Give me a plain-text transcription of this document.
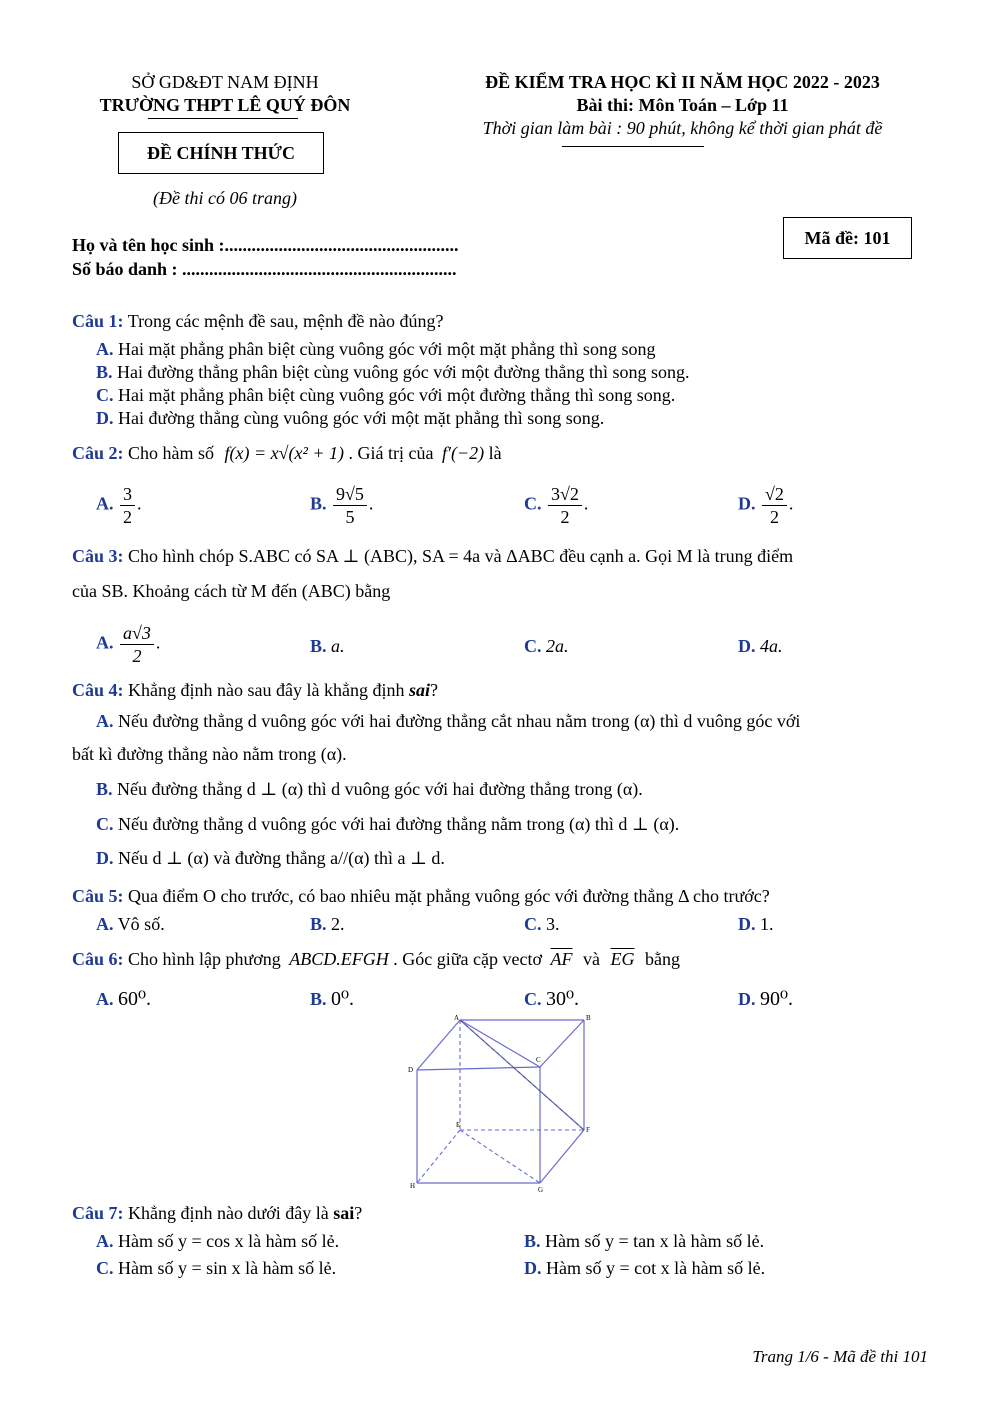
SỞ GD&ĐT NAM ĐỊNH
TRƯỜNG THPT LÊ QUÝ ĐÔN
ĐỀ CHÍNH THỨC
(Đề thi có 06 trang)
ĐỀ KIỂM TRA HỌC KÌ II NĂM HỌC 2022 - 2023
Bài thi: Môn Toán – Lớp 11
Thời gian làm bài : 90 phút, không kể thời gian phát đề
Họ và tên học sinh :....................................................
Số báo danh : .............................................................
Mã đề: 101
Câu 1: Trong các mệnh đề sau, mệnh đề nào đúng?
A. Hai mặt phẳng phân biệt cùng vuông góc với một mặt phẳng thì song song
B. Hai đường thẳng phân biệt cùng vuông góc với một đường thẳng thì song song.
C. Hai mặt phẳng phân biệt cùng vuông góc với một đường thẳng thì song song.
D. Hai đường thẳng cùng vuông góc với một mặt phẳng thì song song.
Câu 2: Cho hàm số f(x) = x√(x² + 1) . Giá trị của f′(−2) là
A. $\frac{3}{2}$ .	B. $\frac{9√5}{5}$ .	C. $\frac{3√2}{2}$ .	D. $\frac{√2}{2}$ .
Câu 3: Cho hình chóp S.ABC có SA ⊥ (ABC), SA = 4a và ΔABC đều cạnh a. Gọi M là trung điểm
của SB. Khoảng cách từ M đến (ABC) bằng
A. $\frac{a√3}{2}$ .	B. a.	C. 2a.	D. 4a.
Câu 4: Khẳng định nào sau đây là khẳng định sai?
A. Nếu đường thẳng d vuông góc với hai đường thẳng cắt nhau nằm trong (α) thì d vuông góc với
bất kì đường thẳng nào nằm trong (α).
B. Nếu đường thẳng d ⊥ (α) thì d vuông góc với hai đường thẳng trong (α).
C. Nếu đường thẳng d vuông góc với hai đường thẳng nằm trong (α) thì d ⊥ (α).
D. Nếu d ⊥ (α) và đường thẳng a//(α) thì a ⊥ d.
Câu 5: Qua điểm O cho trước, có bao nhiêu mặt phẳng vuông góc với đường thẳng Δ cho trước?
A. Vô số.	B. 2.	C. 3.	D. 1.
Câu 6: Cho hình lập phương ABCD.EFGH . Góc giữa cặp vectơ $\overline{AF}$ và $\overline{EG}$ bằng
A. 60⁰.	B. 0⁰.	C. 30⁰.	D. 90⁰.
A	B
C
D
E
F
G
H
Câu 7: Khẳng định nào dưới đây là sai?
A. Hàm số y = cos x là hàm số lẻ.	B. Hàm số y = tan x là hàm số lẻ.
C. Hàm số y = sin x là hàm số lẻ.	D. Hàm số y = cot x là hàm số lẻ.
Trang 1/6 - Mã đề thi 101
